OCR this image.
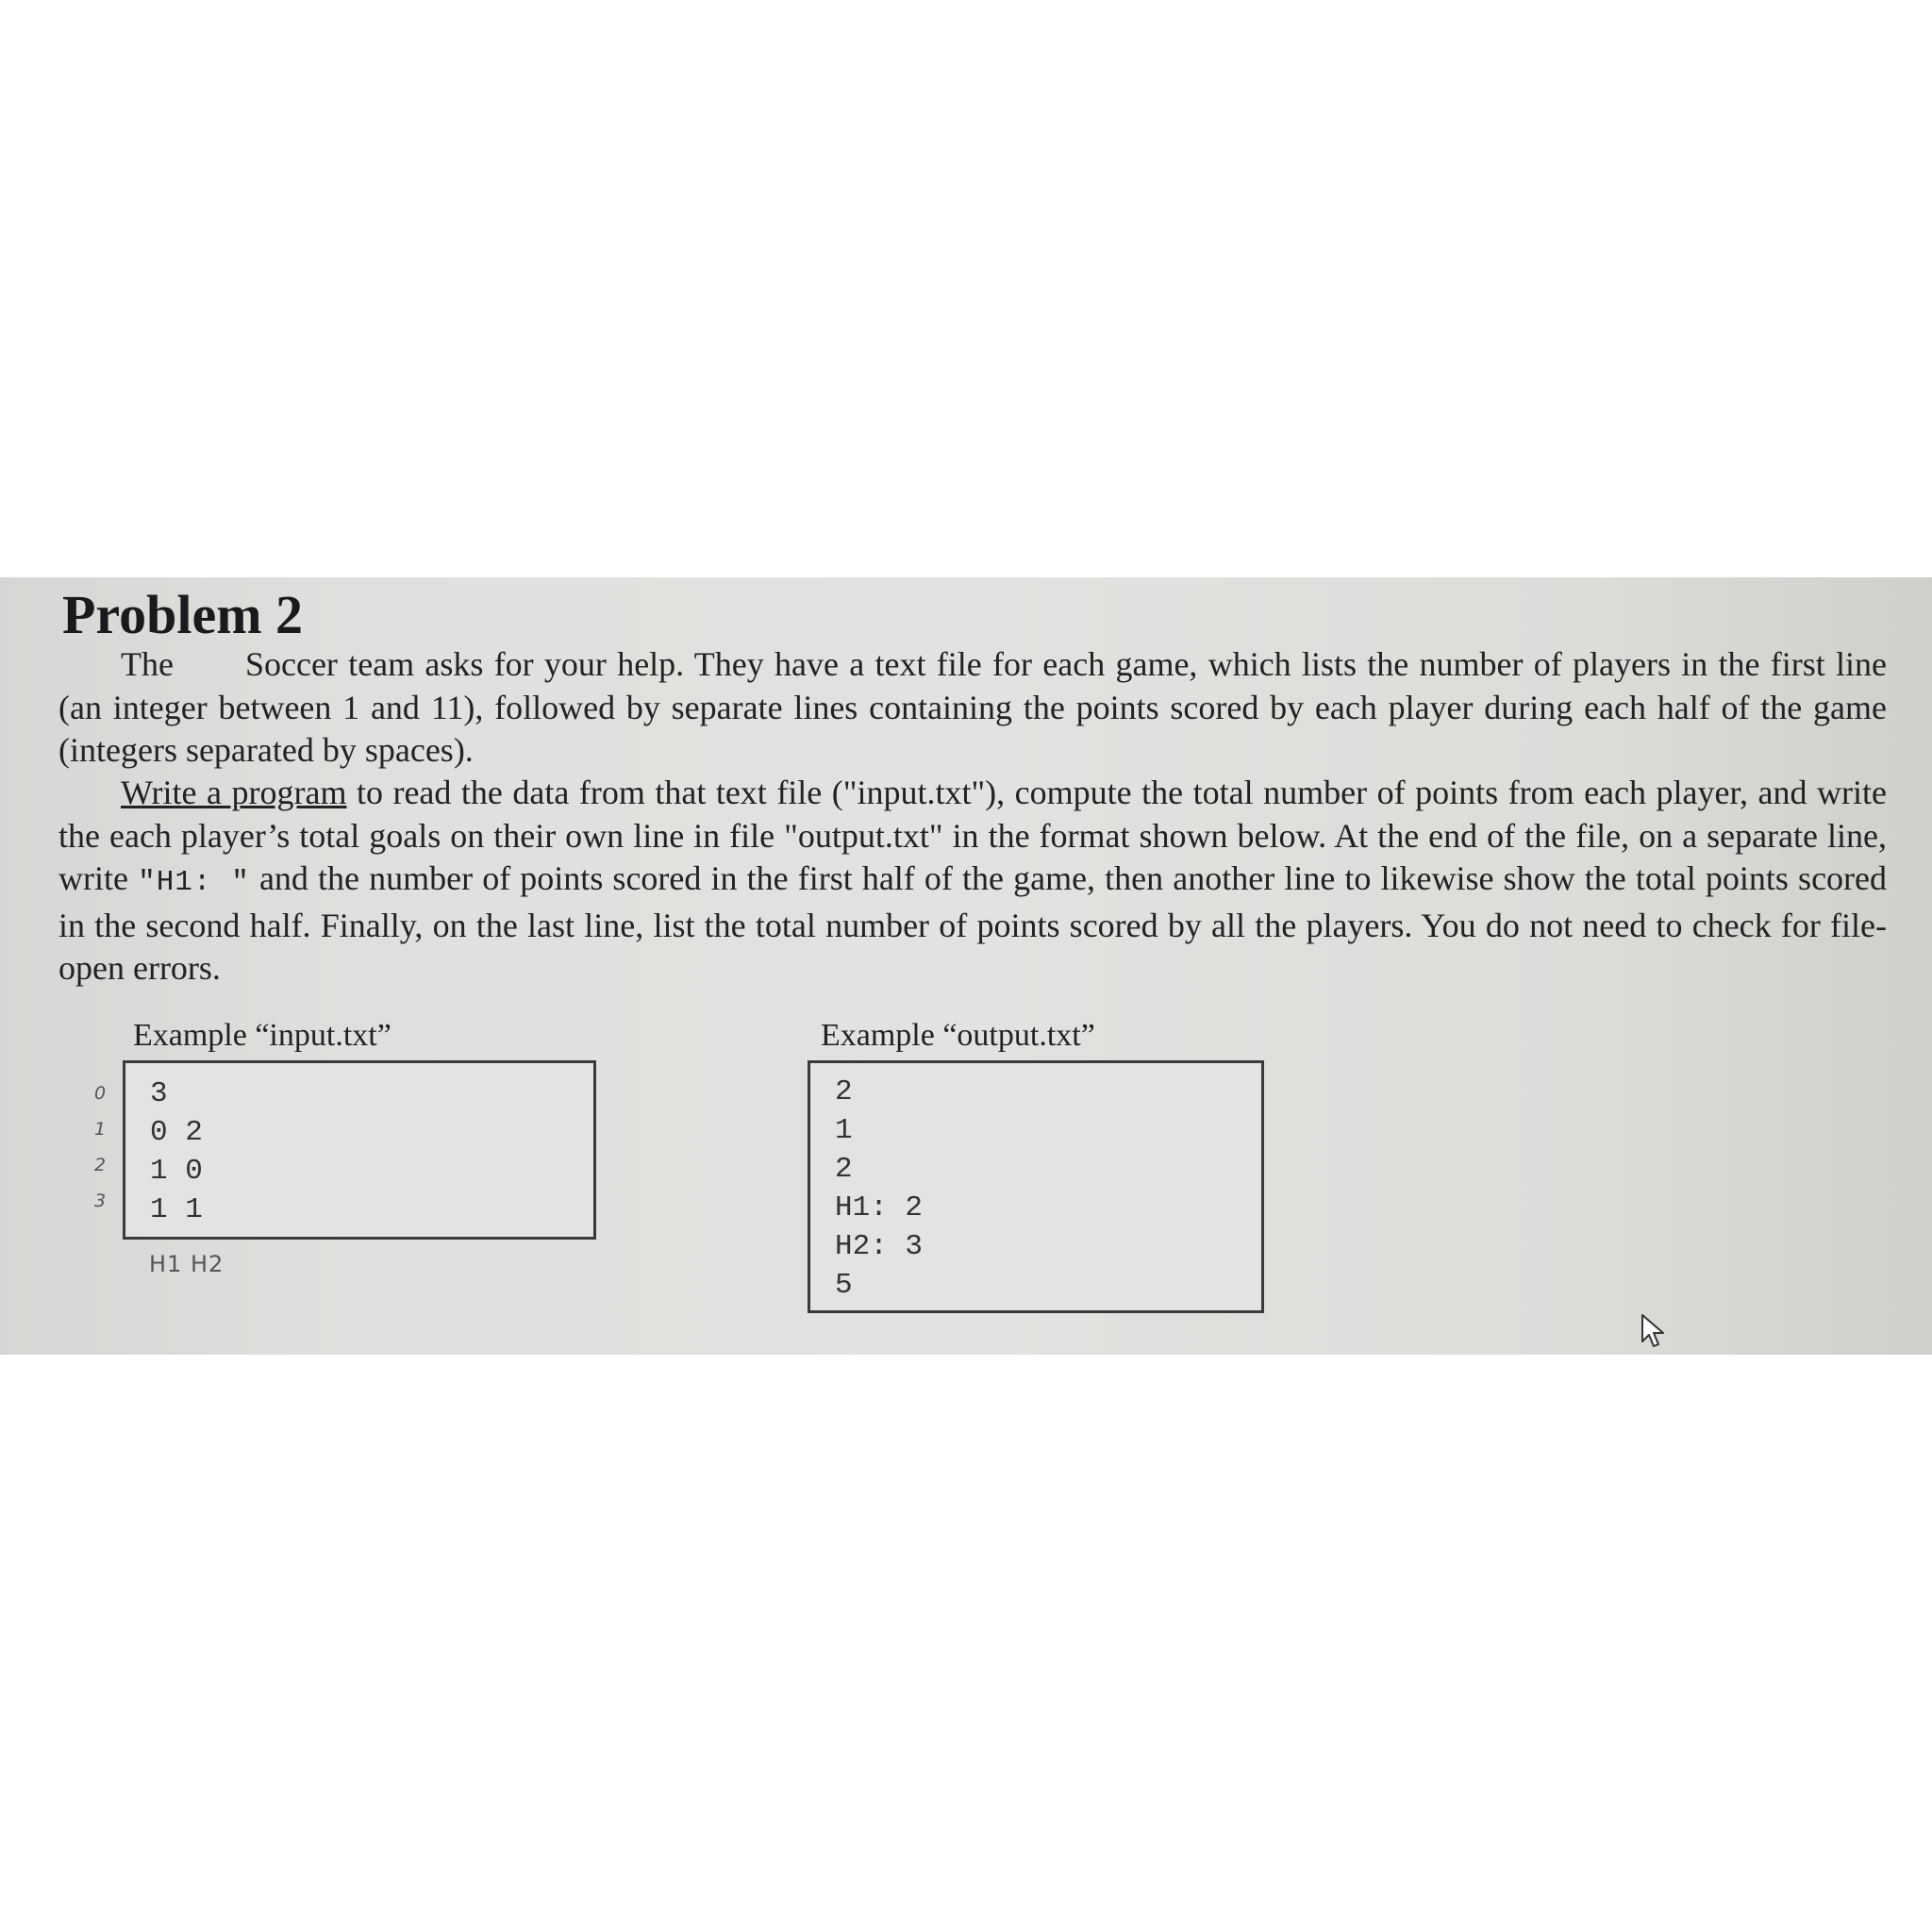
Problem 2

The Soccer team asks for your help. They have a text file for each game, which lists the number of players in the first line (an integer between 1 and 11), followed by separate lines containing the points scored by each player during each half of the game (integers separated by spaces).

Write a program to read the data from that text file ("input.txt"), compute the total number of points from each player, and write the each player’s total goals on their own line in file "output.txt" in the format shown below. At the end of the file, on a separate line, write "H1: " and the number of points scored in the first half of the game, then another line to likewise show the total points scored in the second half. Finally, on the last line, list the total number of points scored by all the players. You do not need to check for file-open errors.

Example “input.txt”	Example “output.txt”

0
1
2
3
3
0 2
1 0
1 1

H1 H2

2
1
2
H1: 2
H2: 3
5
